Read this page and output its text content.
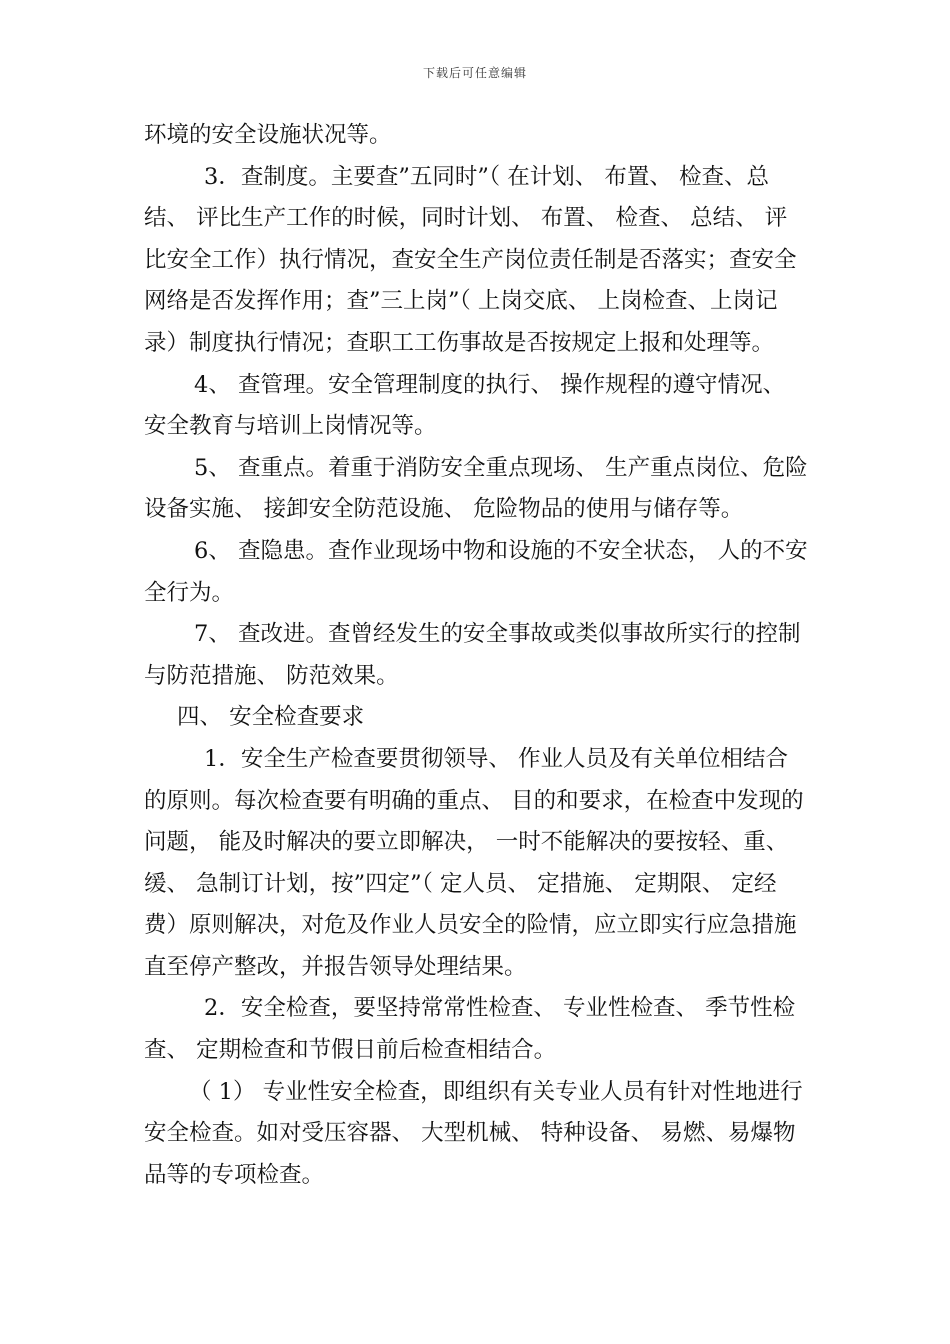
下载后可任意编辑

环境的安全设施状况等。

3．查制度。主要查”五同时”（ 在计划、 布置、 检查、总结、 评比生产工作的时候，同时计划、 布置、 检查、 总结、 评比安全工作）执行情况，查安全生产岗位责任制是否落实；查安全网络是否发挥作用；查”三上岗”（ 上岗交底、 上岗检查、上岗记录）制度执行情况；查职工工伤事故是否按规定上报和处理等。

4、 查管理。安全管理制度的执行、 操作规程的遵守情况、 安全教育与培训上岗情况等。

5、 查重点。着重于消防安全重点现场、 生产重点岗位、危险设备实施、 接卸安全防范设施、 危险物品的使用与储存等。

6、 查隐患。查作业现场中物和设施的不安全状态， 人的不安全行为。

7、 查改进。查曾经发生的安全事故或类似事故所实行的控制与防范措施、 防范效果。

四、 安全检查要求

1．安全生产检查要贯彻领导、 作业人员及有关单位相结合的原则。每次检查要有明确的重点、 目的和要求，在检查中发现的问题， 能及时解决的要立即解决， 一时不能解决的要按轻、重、 缓、 急制订计划，按”四定”（ 定人员、 定措施、 定期限、 定经费）原则解决，对危及作业人员安全的险情，应立即实行应急措施直至停产整改，并报告领导处理结果。

2．安全检查，要坚持常常性检查、 专业性检查、 季节性检查、 定期检查和节假日前后检查相结合。

（ 1） 专业性安全检查，即组织有关专业人员有针对性地进行安全检查。如对受压容器、 大型机械、 特种设备、 易燃、易爆物品等的专项检查。
